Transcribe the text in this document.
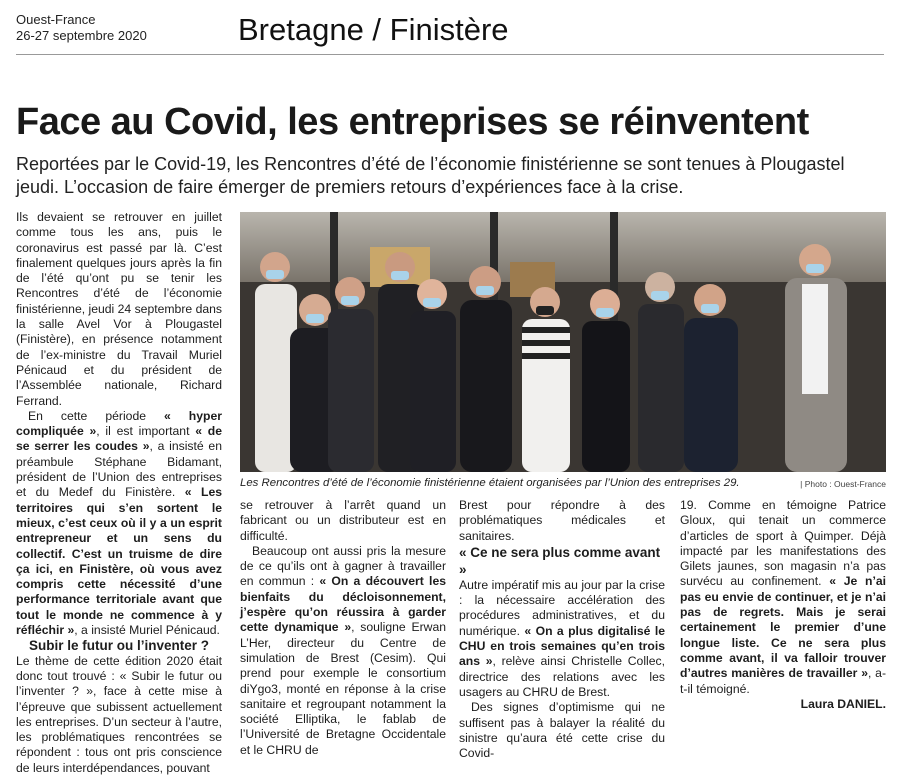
Ouest-France
26-27 septembre 2020	Bretagne / Finistère
Face au Covid, les entreprises se réinventent
Reportées par le Covid-19, les Rencontres d’été de l’économie finistérienne se sont tenues à Plougastel jeudi. L’occasion de faire émerger de premiers retours d’expériences face à la crise.

Ils devaient se retrouver en juillet comme tous les ans, puis le coronavirus est passé par là. C’est finalement quelques jours après la fin de l’été qu’ont pu se tenir les Rencontres d’été de l’économie finistérienne, jeudi 24 septembre dans la salle Avel Vor à Plougastel (Finistère), en présence notamment de l’ex-ministre du Travail Muriel Pénicaud et du président de l’Assemblée nationale, Richard Ferrand.

En cette période « hyper compliquée », il est important « de se serrer les coudes », a insisté en préambule Stéphane Bidamant, président de l’Union des entreprises et du Medef du Finistère. « Les territoires qui s’en sortent le mieux, c’est ceux où il y a un esprit entrepreneur et un sens du collectif. C’est un truisme de dire ça ici, en Finistère, où vous avez compris cette nécessité d’une performance territoriale avant que tout le monde ne commence à y réfléchir », a insisté Muriel Pénicaud.

Subir le futur ou l’inventer ?

Le thème de cette édition 2020 était donc tout trouvé : « Subir le futur ou l’inventer ? », face à cette mise à l’épreuve que subissent actuellement les entreprises. D’un secteur à l’autre, les problématiques rencontrées se répondent : tous ont pris conscience de leurs interdépendances, pouvant

Les Rencontres d’été de l’économie finistérienne étaient organisées par l’Union des entreprises 29.	| Photo : Ouest-France

se retrouver à l’arrêt quand un fabricant ou un distributeur est en difficulté.

Beaucoup ont aussi pris la mesure de ce qu’ils ont à gagner à travailler en commun : « On a découvert les bienfaits du décloisonnement, j’espère qu’on réussira à garder cette dynamique », souligne Erwan L’Her, directeur du Centre de simulation de Brest (Cesim). Qui prend pour exemple le consortium diYgo3, monté en réponse à la crise sanitaire et regroupant notamment la société Elliptika, le fablab de l’Université de Bretagne Occidentale et le CHRU de

Brest pour répondre à des problématiques médicales et sanitaires.

« Ce ne sera plus comme avant »

Autre impératif mis au jour par la crise : la nécessaire accélération des procédures administratives, et du numérique. « On a plus digitalisé le CHU en trois semaines qu’en trois ans », relève ainsi Christelle Collec, directrice des relations avec les usagers au CHRU de Brest.

Des signes d’optimisme qui ne suffisent pas à balayer la réalité du sinistre qu’aura été cette crise du Covid-

19. Comme en témoigne Patrice Gloux, qui tenait un commerce d’articles de sport à Quimper. Déjà impacté par les manifestations des Gilets jaunes, son magasin n’a pas survécu au confinement. « Je n’ai pas eu envie de continuer, et je n’ai pas de regrets. Mais je serai certainement le premier d’une longue liste. Ce ne sera plus comme avant, il va falloir trouver d’autres manières de travailler », a-t-il témoigné.

Laura DANIEL.
